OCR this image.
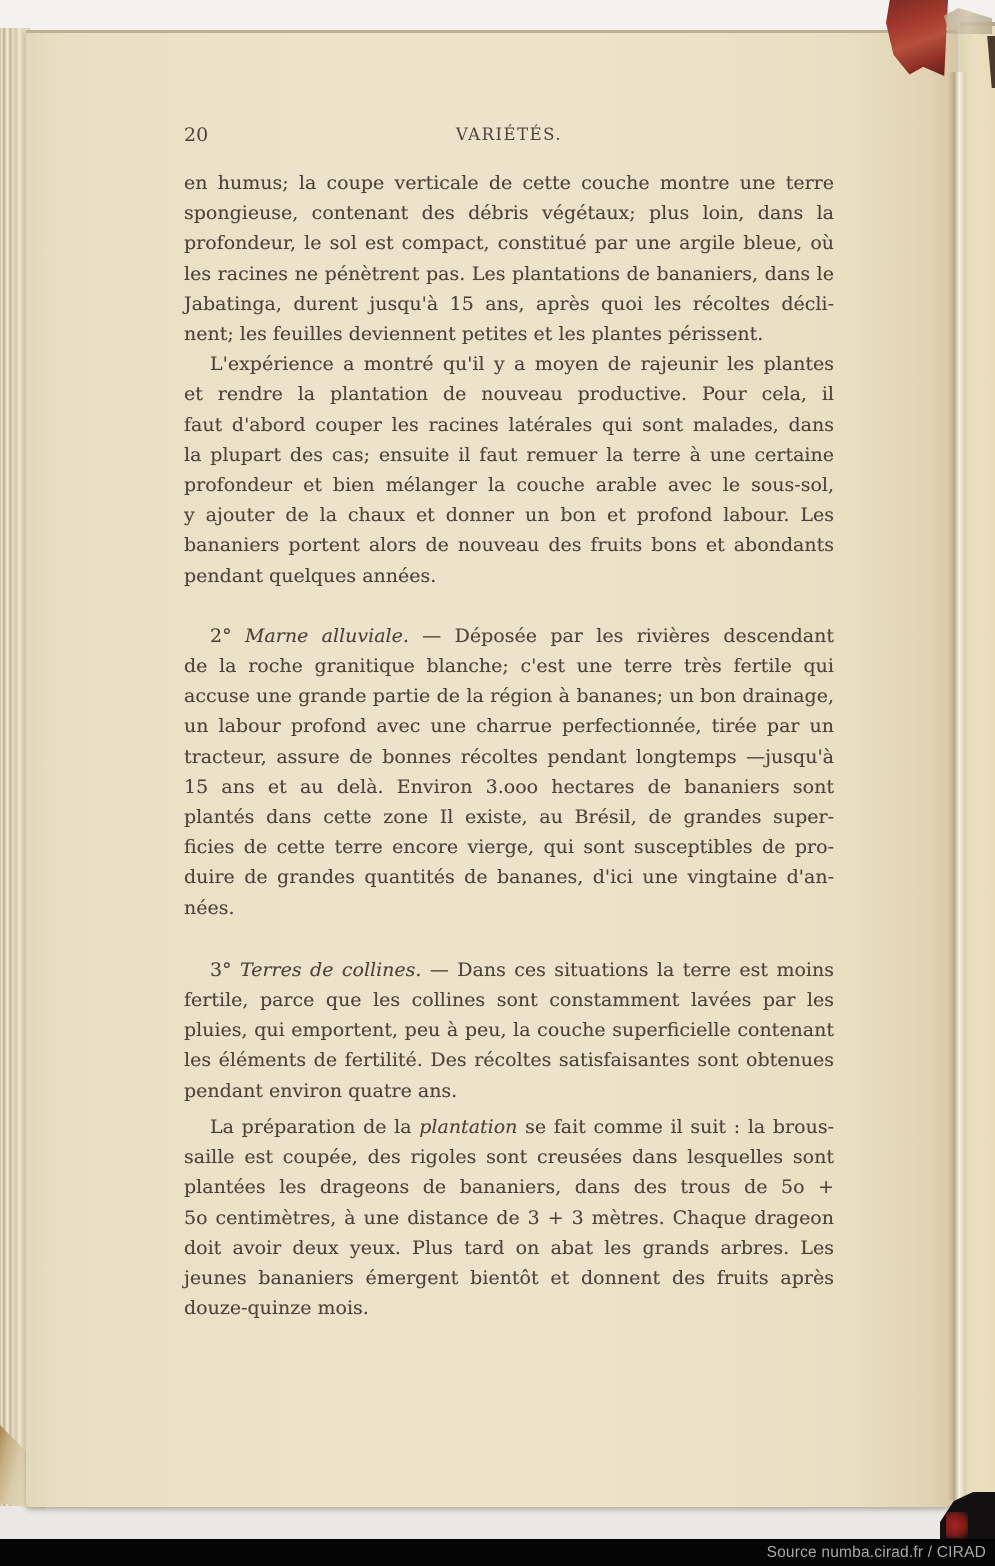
20	VARIÉTÉS.
en humus; la coupe verticale de cette couche montre une terre
spongieuse, contenant des débris végétaux; plus loin, dans la
profondeur, le sol est compact, constitué par une argile bleue, où
les racines ne pénètrent pas. Les plantations de bananiers, dans le
Jabatinga, durent jusqu'à 15 ans, après quoi les récoltes décli-
nent; les feuilles deviennent petites et les plantes périssent.
L'expérience a montré qu'il y a moyen de rajeunir les plantes
et rendre la plantation de nouveau productive. Pour cela, il
faut d'abord couper les racines latérales qui sont malades, dans
la plupart des cas; ensuite il faut remuer la terre à une certaine
profondeur et bien mélanger la couche arable avec le sous-sol,
y ajouter de la chaux et donner un bon et profond labour. Les
bananiers portent alors de nouveau des fruits bons et abondants
pendant quelques années.
2° Marne alluviale. — Déposée par les rivières descendant
de la roche granitique blanche; c'est une terre très fertile qui
accuse une grande partie de la région à bananes; un bon drainage,
un labour profond avec une charrue perfectionnée, tirée par un
tracteur, assure de bonnes récoltes pendant longtemps —jusqu'à
15 ans et au delà. Environ 3.ooo hectares de bananiers sont
plantés dans cette zone Il existe, au Brésil, de grandes super-
ficies de cette terre encore vierge, qui sont susceptibles de pro-
duire de grandes quantités de bananes, d'ici une vingtaine d'an-
nées.
3° Terres de collines. — Dans ces situations la terre est moins
fertile, parce que les collines sont constamment lavées par les
pluies, qui emportent, peu à peu, la couche superficielle contenant
les éléments de fertilité. Des récoltes satisfaisantes sont obtenues
pendant environ quatre ans.
La préparation de la plantation se fait comme il suit : la brous-
saille est coupée, des rigoles sont creusées dans lesquelles sont
plantées les drageons de bananiers, dans des trous de 5o +
5o centimètres, à une distance de 3 + 3 mètres. Chaque drageon
doit avoir deux yeux. Plus tard on abat les grands arbres. Les
jeunes bananiers émergent bientôt et donnent des fruits après
douze-quinze mois.
Source numba.cirad.fr / CIRAD
